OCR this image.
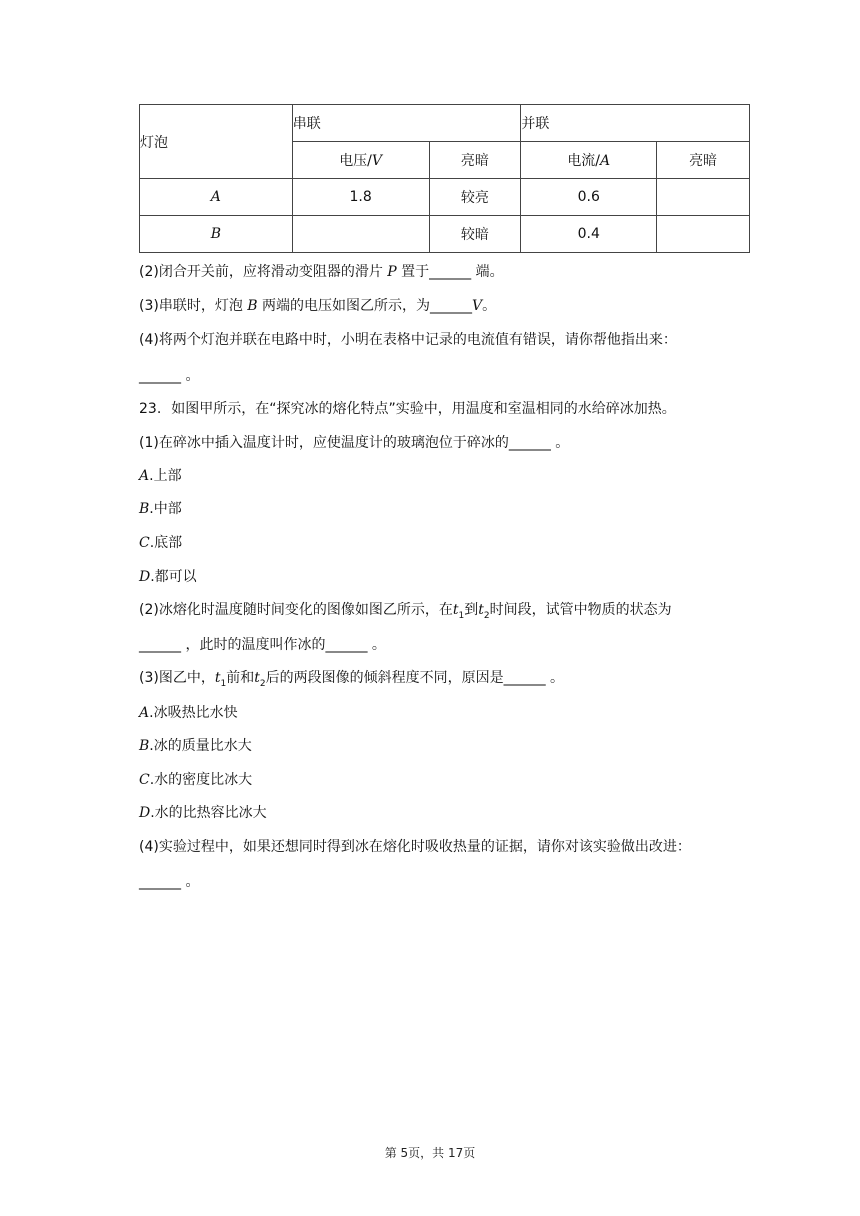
灯泡	串联		并联	
	电压/V	亮暗	电流/A	亮暗
A	1.8	较亮	0.6	
B		较暗	0.4	
(2)闭合开关前，应将滑动变阻器的滑片 P 置于______ 端。
(3)串联时，灯泡 B 两端的电压如图乙所示，为______V。
(4)将两个灯泡并联在电路中时，小明在表格中记录的电流值有错误，请你帮他指出来：
______ 。
23. 如图甲所示，在“探究冰的熔化特点”实验中，用温度和室温相同的水给碎冰加热。
(1)在碎冰中插入温度计时，应使温度计的玻璃泡位于碎冰的______ 。
A.上部
B.中部
C.底部
D.都可以
(2)冰熔化时温度随时间变化的图像如图乙所示，在$t_1$到$t_2$时间段，试管中物质的状态为
______ ，此时的温度叫作冰的______ 。
(3)图乙中，$t_1$前和$t_2$后的两段图像的倾斜程度不同，原因是______ 。
A.冰吸热比水快
B.冰的质量比水大
C.水的密度比冰大
D.水的比热容比冰大
(4)实验过程中，如果还想同时得到冰在熔化时吸收热量的证据，请你对该实验做出改进：
______ 。
第 5页，共 17页
